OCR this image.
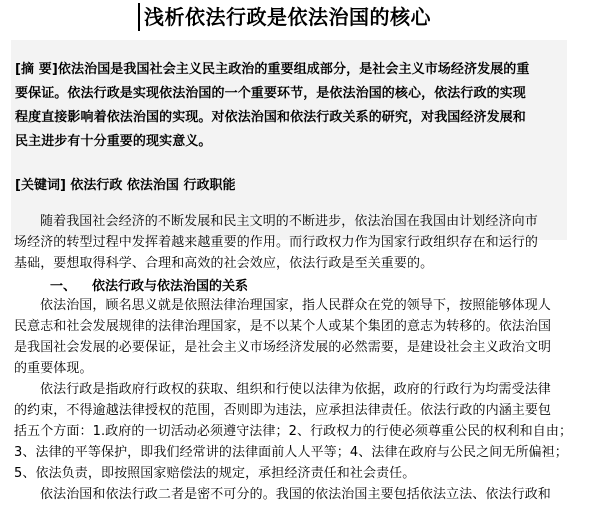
浅析依法行政是依法治国的核心
[摘 要]依法治国是我国社会主义民主政治的重要组成部分，是社会主义市场经济发展的重
要保证。依法行政是实现依法治国的一个重要环节，是依法治国的核心，依法行政的实现
程度直接影响着依法治国的实现。对依法治国和依法行政关系的研究，对我国经济发展和
民主进步有十分重要的现实意义。
[关键词] 依法行政 依法治国 行政职能
随着我国社会经济的不断发展和民主文明的不断进步，依法治国在我国由计划经济向市
场经济的转型过程中发挥着越来越重要的作用。而行政权力作为国家行政组织存在和运行的
基础，要想取得科学、合理和高效的社会效应，依法行政是至关重要的。
一、 依法行政与依法治国的关系
依法治国，顾名思义就是依照法律治理国家，指人民群众在党的领导下，按照能够体现人
民意志和社会发展规律的法律治理国家，是不以某个人或某个集团的意志为转移的。依法治国
是我国社会发展的必要保证，是社会主义市场经济发展的必然需要，是建设社会主义政治文明
的重要体现。
依法行政是指政府行政权的获取、组织和行使以法律为依据，政府的行政行为均需受法律
的约束，不得逾越法律授权的范围，否则即为违法，应承担法律责任。依法行政的内涵主要包
括五个方面：1.政府的一切活动必须遵守法律；2、行政权力的行使必须尊重公民的权利和自由；
3、法律的平等保护，即我们经常讲的法律面前人人平等；4、法律在政府与公民之间无所偏袒；
5、依法负责，即按照国家赔偿法的规定，承担经济责任和社会责任。
依法治国和依法行政二者是密不可分的。我国的依法治国主要包括依法立法、依法行政和
